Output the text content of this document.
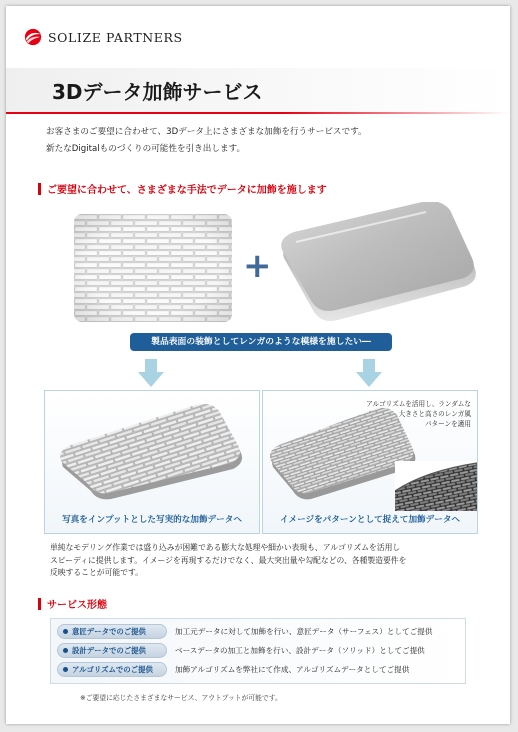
SOLIZE PARTNERS
3Dデータ加飾サービス
お客さまのご要望に合わせて、3Dデータ上にさまざまな加飾を行うサービスです。
新たなDigitalものづくりの可能性を引き出します。
ご要望に合わせて、さまざまな手法でデータに加飾を施します
+
製品表面の装飾としてレンガのような模様を施したい―
写真をインプットとした写実的な加飾データへ
アルゴリズムを活用し、ランダムな
大きさと高さのレンガ風
パターンを適用
イメージをパターンとして捉えて加飾データへ
単純なモデリング作業では盛り込みが困難である膨大な処理や細かい表現も、アルゴリズムを活用し
スピーディに提供します。イメージを再現するだけでなく、最大突出量や勾配などの、各種製造要件を
反映することが可能です。
サービス形態
意匠データでのご提供	加工元データに対して加飾を行い、意匠データ（サーフェス）としてご提供
設計データでのご提供	ベースデータの加工と加飾を行い、設計データ（ソリッド）としてご提供
アルゴリズムでのご提供	加飾アルゴリズムを弊社にて作成、アルゴリズムデータとしてご提供
※ご要望に応じたさまざまなサービス、アウトプットが可能です。
